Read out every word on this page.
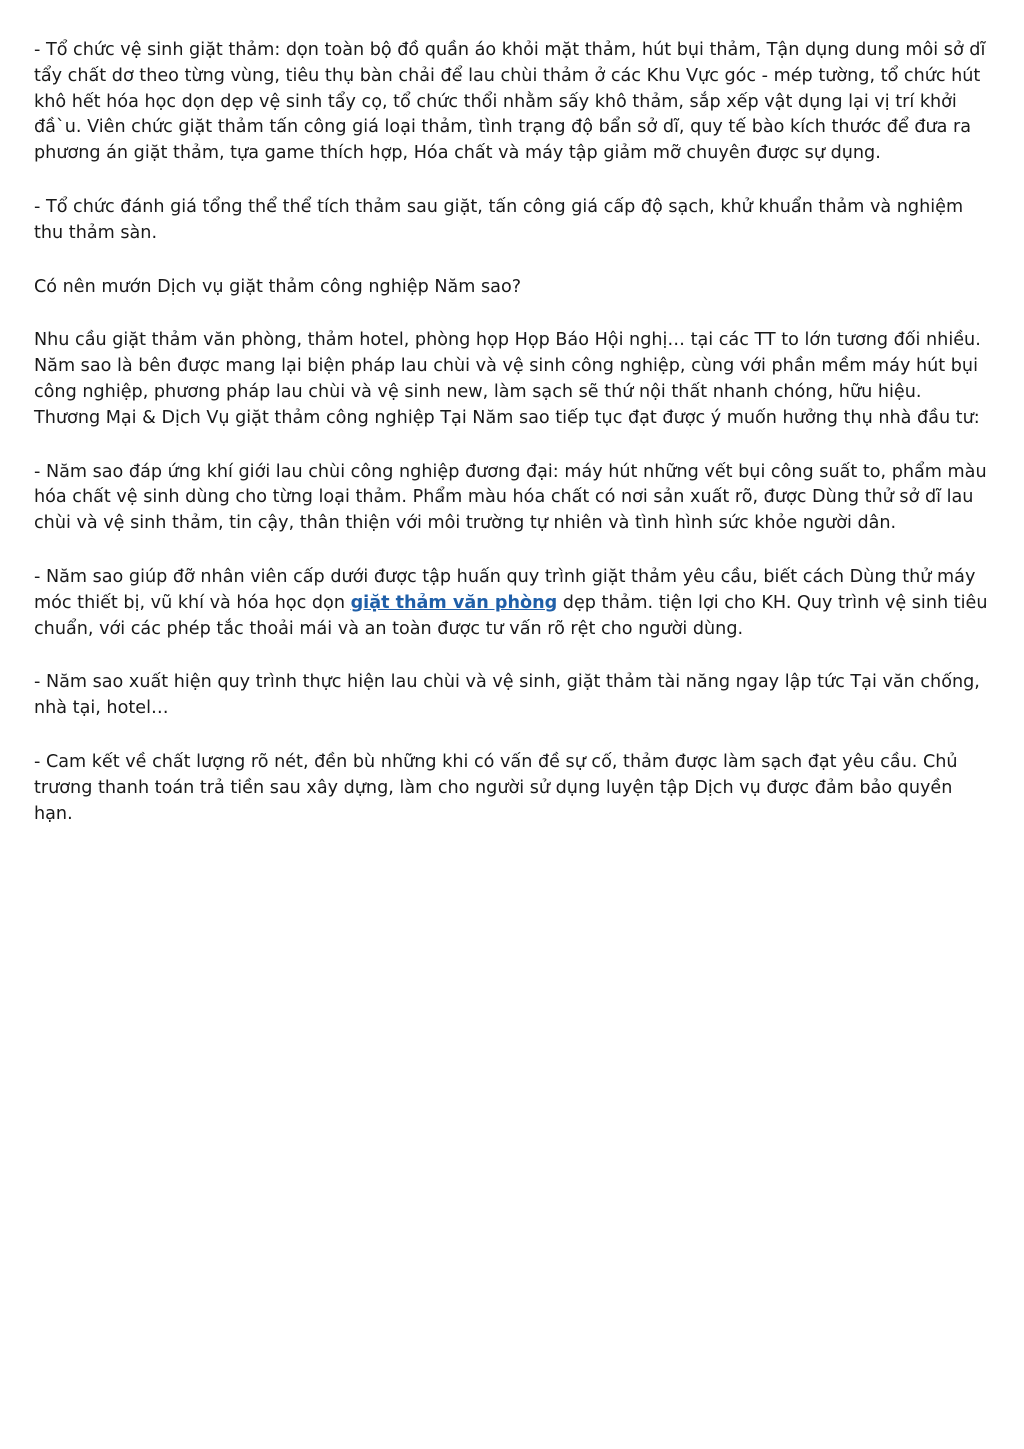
- Tổ chức vệ sinh giặt thảm: dọn toàn bộ đồ quần áo khỏi mặt thảm, hút bụi thảm, Tận dụng dung môi sở dĩ tẩy chất dơ theo từng vùng, tiêu thụ bàn chải để lau chùi thảm ở các Khu Vực góc - mép tường, tổ chức hút khô hết hóa học dọn dẹp vệ sinh tẩy cọ, tổ chức thổi nhằm sấy khô thảm, sắp xếp vật dụng lại vị trí khởi đầ`u. Viên chức giặt thảm tấn công giá loại thảm, tình trạng độ bẩn sở dĩ, quy tế bào kích thước để đưa ra phương án giặt thảm, tựa game thích hợp, Hóa chất và máy tập giảm mỡ chuyên được sự dụng.

- Tổ chức đánh giá tổng thể thể tích thảm sau giặt, tấn công giá cấp độ sạch, khử khuẩn thảm và nghiệm thu thảm sàn.

Có nên mướn Dịch vụ giặt thảm công nghiệp Năm sao?

Nhu cầu giặt thảm văn phòng, thảm hotel, phòng họp Họp Báo Hội nghị… tại các TT to lớn tương đối nhiều. Năm sao là bên được mang lại biện pháp lau chùi và vệ sinh công nghiệp, cùng với phần mềm máy hút bụi công nghiệp, phương pháp lau chùi và vệ sinh new, làm sạch sẽ thứ nội thất nhanh chóng, hữu hiệu. Thương Mại & Dịch Vụ giặt thảm công nghiệp Tại Năm sao tiếp tục đạt được ý muốn hưởng thụ nhà đầu tư:

- Năm sao đáp ứng khí giới lau chùi công nghiệp đương đại: máy hút những vết bụi công suất to, phẩm màu hóa chất vệ sinh dùng cho từng loại thảm. Phẩm màu hóa chất có nơi sản xuất rõ, được Dùng thử sở dĩ lau chùi và vệ sinh thảm, tin cậy, thân thiện với môi trường tự nhiên và tình hình sức khỏe người dân.

- Năm sao giúp đỡ nhân viên cấp dưới được tập huấn quy trình giặt thảm yêu cầu, biết cách Dùng thử máy móc thiết bị, vũ khí và hóa học dọn giặt thảm văn phòng dẹp thảm. tiện lợi cho KH. Quy trình vệ sinh tiêu chuẩn, với các phép tắc thoải mái và an toàn được tư vấn rõ rệt cho người dùng.

- Năm sao xuất hiện quy trình thực hiện lau chùi và vệ sinh, giặt thảm tài năng ngay lập tức Tại văn chống, nhà tại, hotel…

- Cam kết về chất lượng rõ nét, đền bù những khi có vấn đề sự cố, thảm được làm sạch đạt yêu cầu. Chủ trương thanh toán trả tiền sau xây dựng, làm cho người sử dụng luyện tập Dịch vụ được đảm bảo quyền hạn.
